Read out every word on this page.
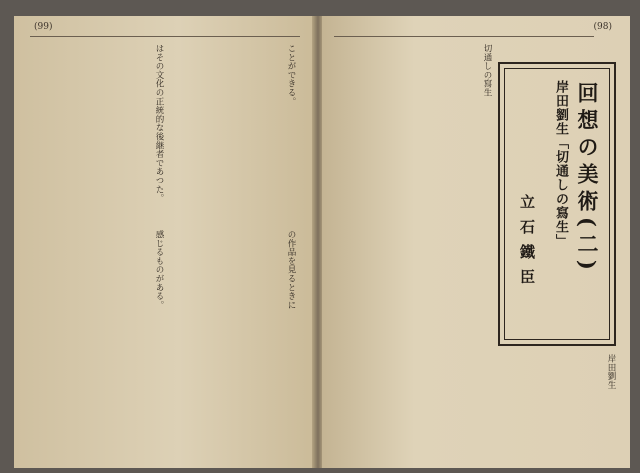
(99)
ことができる。
はその文化の正統的な後継者であつた。
の作品を見るときに
感じるものがある。
(98)
回想の美術(二)
岸田劉生「切通しの寫生」
立石鐵臣
切通しの寫生
岸田劉生
